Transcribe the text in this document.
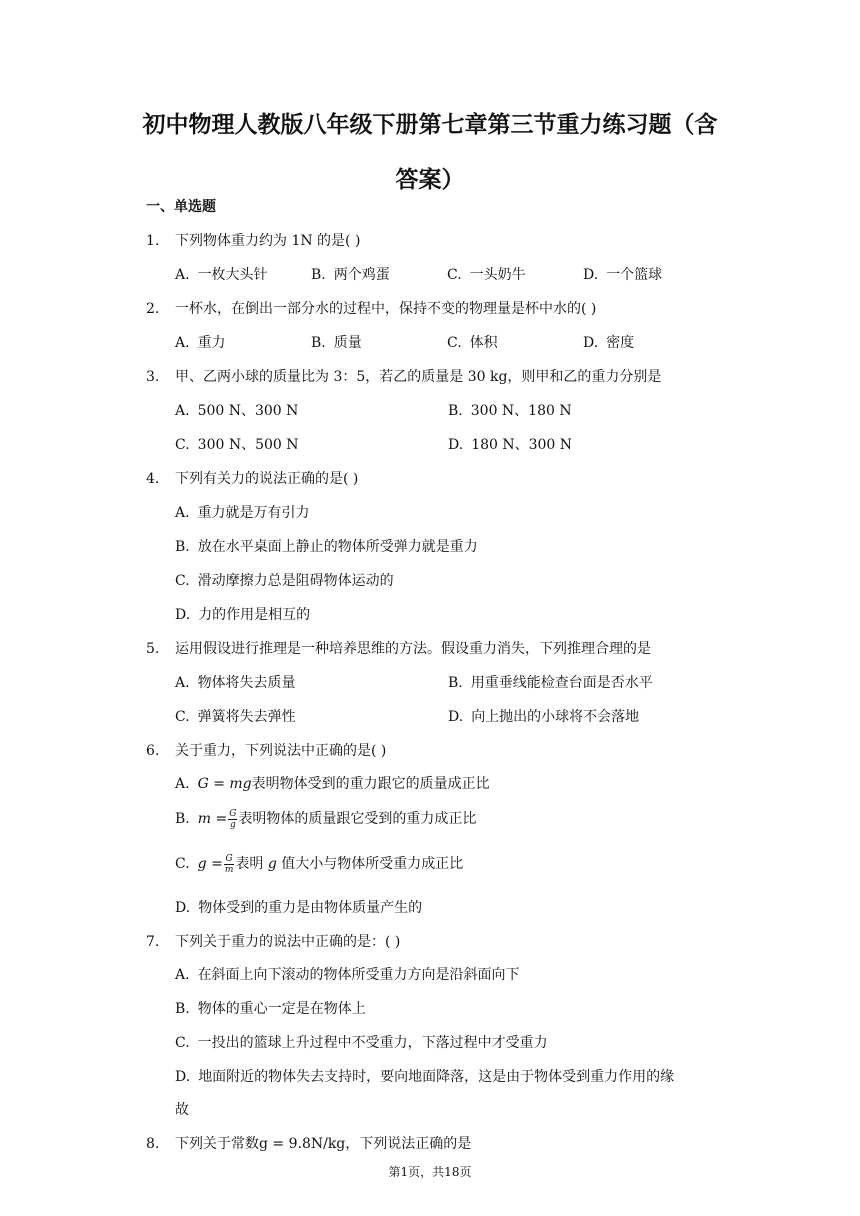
初中物理人教版八年级下册第七章第三节重力练习题（含
答案）
一、单选题
1. 下列物体重力约为 1N 的是( )
A. 一枚大头针	B. 两个鸡蛋	C. 一头奶牛	D. 一个篮球
2. 一杯水，在倒出一部分水的过程中，保持不变的物理量是杯中水的( )
A. 重力	B. 质量	C. 体积	D. 密度
3. 甲、乙两小球的质量比为 3：5，若乙的质量是 30 kg，则甲和乙的重力分别是
A. 500 N、300 N	B. 300 N、180 N
C. 300 N、500 N	D. 180 N、300 N
4. 下列有关力的说法正确的是( )
A. 重力就是万有引力
B. 放在水平桌面上静止的物体所受弹力就是重力
C. 滑动摩擦力总是阻碍物体运动的
D. 力的作用是相互的
5. 运用假设进行推理是一种培养思维的方法。假设重力消失，下列推理合理的是
A. 物体将失去质量	B. 用重垂线能检查台面是否水平
C. 弹簧将失去弹性	D. 向上抛出的小球将不会落地
6. 关于重力，下列说法中正确的是( )
A. G = mg表明物体受到的重力跟它的质量成正比
B. $m = \frac{G}{g}$ 表明物体的质量跟它受到的重力成正比
C. $g = \frac{G}{m}$ 表明 g 值大小与物体所受重力成正比
D. 物体受到的重力是由物体质量产生的
7. 下列关于重力的说法中正确的是：( )
A. 在斜面上向下滚动的物体所受重力方向是沿斜面向下
B. 物体的重心一定是在物体上
C. 一投出的篮球上升过程中不受重力，下落过程中才受重力
D. 地面附近的物体失去支持时，要向地面降落，这是由于物体受到重力作用的缘
故
8. 下列关于常数g = 9.8N/kg，下列说法正确的是
第1页，共18页
